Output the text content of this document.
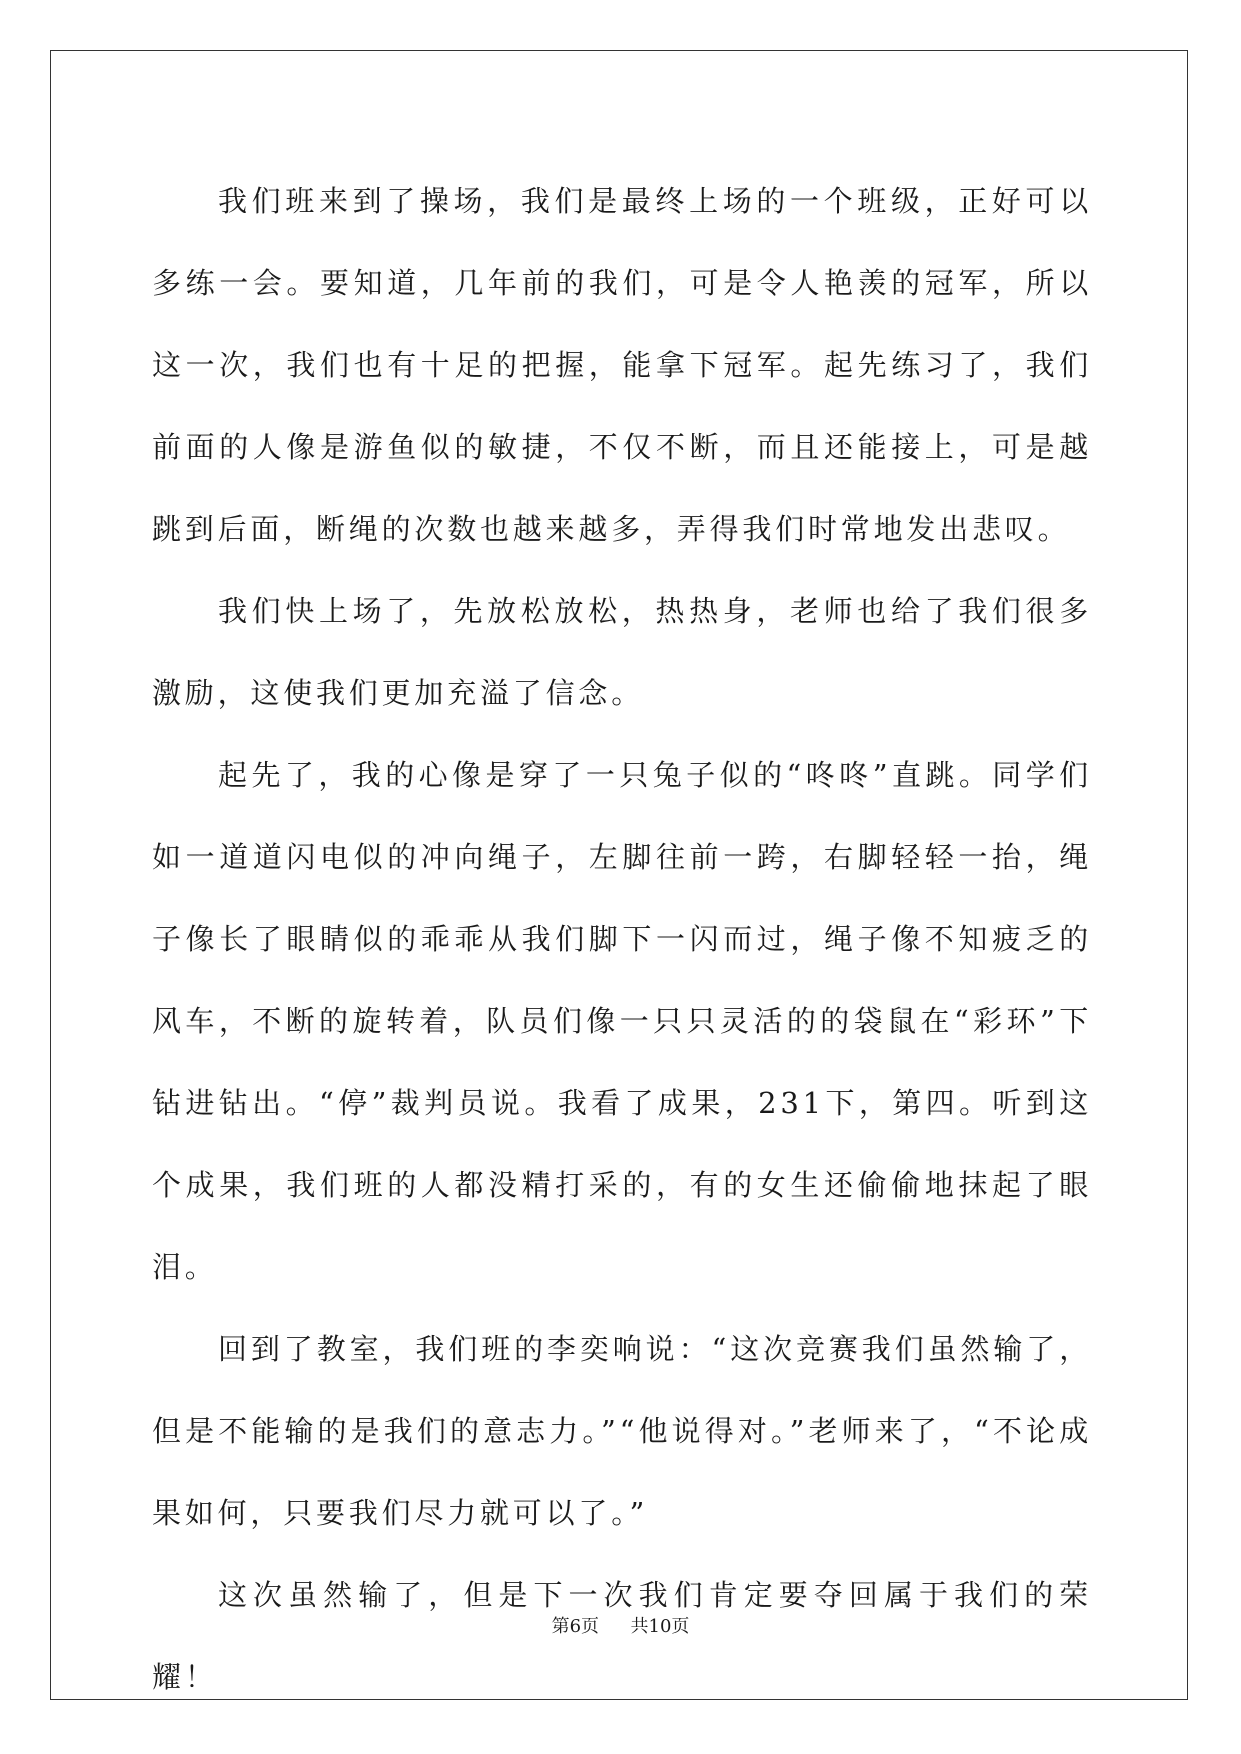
我们班来到了操场，我们是最终上场的一个班级，正好可以多练一会。要知道，几年前的我们，可是令人艳羡的冠军，所以这一次，我们也有十足的把握，能拿下冠军。起先练习了，我们前面的人像是游鱼似的敏捷，不仅不断，而且还能接上，可是越跳到后面，断绳的次数也越来越多，弄得我们时常地发出悲叹。

我们快上场了，先放松放松，热热身，老师也给了我们很多激励，这使我们更加充溢了信念。

起先了，我的心像是穿了一只兔子似的“咚咚”直跳。同学们如一道道闪电似的冲向绳子，左脚往前一跨，右脚轻轻一抬，绳子像长了眼睛似的乖乖从我们脚下一闪而过，绳子像不知疲乏的风车，不断的旋转着，队员们像一只只灵活的的袋鼠在“彩环”下钻进钻出。“停”裁判员说。我看了成果，231下，第四。听到这个成果，我们班的人都没精打采的，有的女生还偷偷地抹起了眼泪。

回到了教室，我们班的李奕响说：“这次竞赛我们虽然输了，但是不能输的是我们的意志力。”“他说得对。”老师来了，“不论成果如何，只要我们尽力就可以了。”

这次虽然输了，但是下一次我们肯定要夺回属于我们的荣耀！

第6页 共10页
